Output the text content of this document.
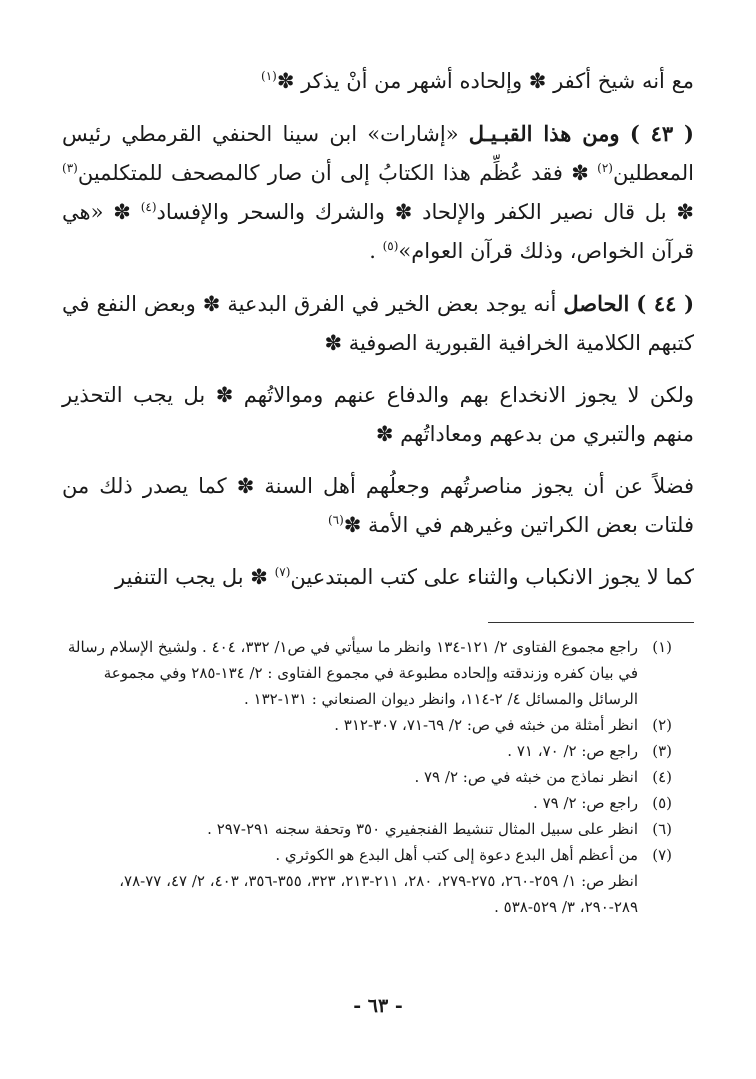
مع أنه شيخ أكفر ✽ وإلحاده أشهر من أنْ يذكر ✽$^{(١)}$

( ٤٣ ) ومن هذا القبـيـل «إشارات» ابن سينا الحنفي القرمطي رئيس المعطلين$^{(٢)}$ ✽ فقد عُظِّم هذا الكتابُ إلى أن صار كالمصحف للمتكلمين$^{(٣)}$ ✽ بل قال نصير الكفر والإلحاد ✽ والشرك والسحر والإفساد$^{(٤)}$ ✽ «هي قرآن الخواص، وذلك قرآن العوام»$^{(٥)}$ .

( ٤٤ ) الحاصل أنه يوجد بعض الخير في الفرق البدعية ✽ وبعض النفع في كتبهم الكلامية الخرافية القبورية الصوفية ✽

ولكن لا يجوز الانخداع بهم والدفاع عنهم وموالاتُهم ✽ بل يجب التحذير منهم والتبري من بدعهم ومعاداتُهم ✽

فضلاً عن أن يجوز مناصرتُهم وجعلُهم أهل السنة ✽ كما يصدر ذلك من فلتات بعض الكراتين وغيرهم في الأمة ✽$^{(٦)}$

كما لا يجوز الانكباب والثناء على كتب المبتدعين$^{(٧)}$ ✽ بل يجب التنفير

(١)
راجع مجموع الفتاوى ٢/ ١٢١-١٣٤ وانظر ما سيأتي في ص١/ ٣٣٢، ٤٠٤ . ولشيخ الإسلام رسالة في بيان كفره وزندقته وإلحاده مطبوعة في مجموع الفتاوى : ٢/ ١٣٤-٢٨٥ وفي مجموعة الرسائل والمسائل ٤/ ٢-١١٤، وانظر ديوان الصنعاني : ١٣١-١٣٢ .
(٢)
انظر أمثلة من خبثه في ص: ٢/ ٦٩-٧١، ٣٠٧-٣١٢ .
(٣)
راجع ص: ٢/ ٧٠، ٧١ .
(٤)
انظر نماذج من خبثه في ص: ٢/ ٧٩ .
(٥)
راجع ص: ٢/ ٧٩ .
(٦)
انظر على سبيل المثال تنشيط الفنجفيري ٣٥٠ وتحفة سجنه ٢٩١-٢٩٧ .
(٧)
من أعظم أهل البدع دعوة إلى كتب أهل البدع هو الكوثري .
انظر ص: ١/ ٢٥٩-٢٦٠، ٢٧٥-٢٧٩، ٢٨٠، ٢١١-٢١٣، ٣٢٣، ٣٥٥-٣٥٦، ٤٠٣، ٢/ ٤٧، ٧٧-٧٨، ٢٨٩-٢٩٠، ٣/ ٥٢٩-٥٣٨ .
- ٦٣ -
